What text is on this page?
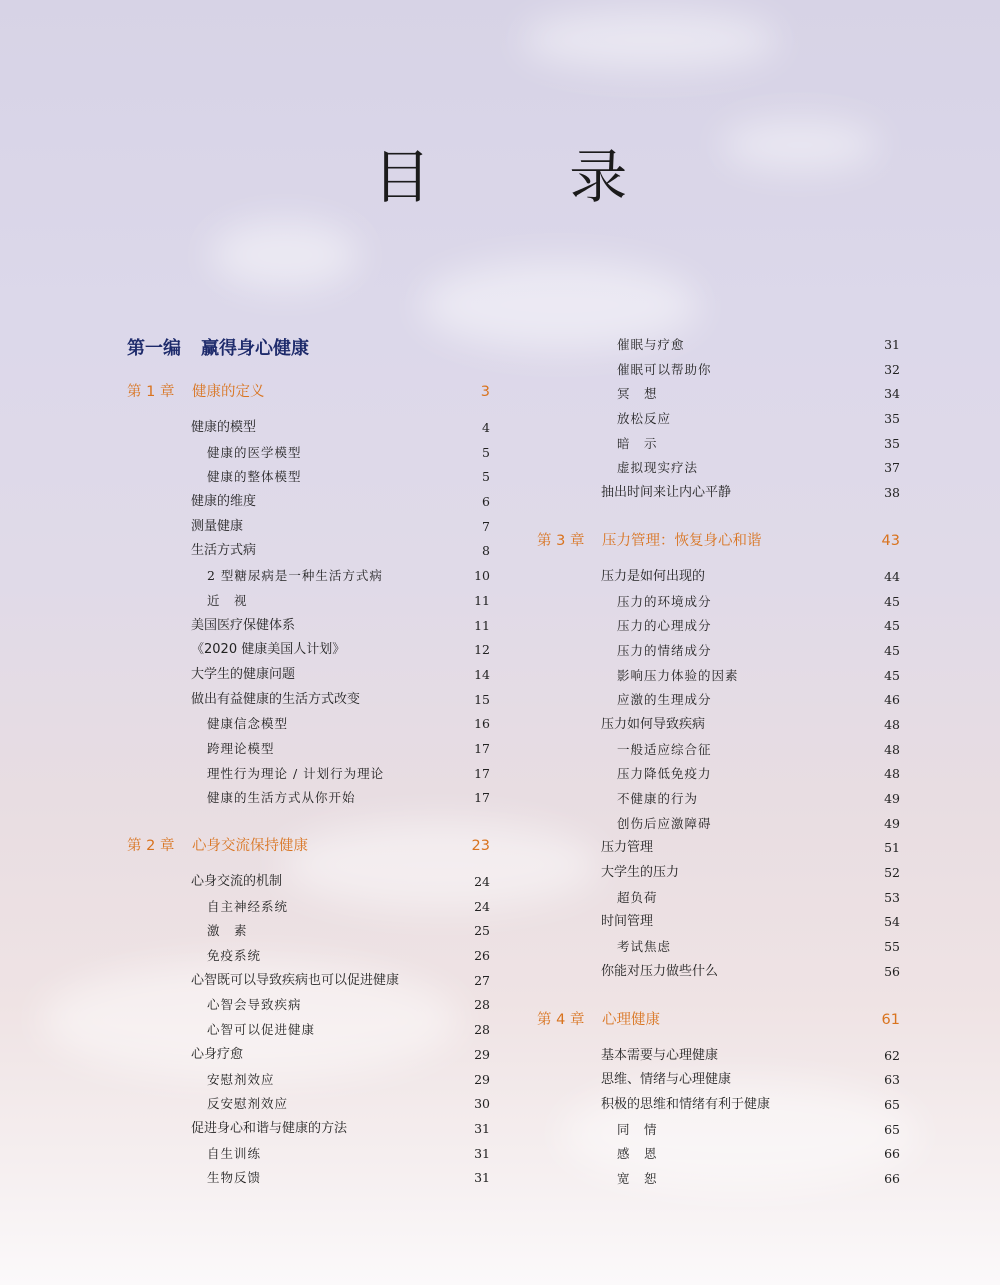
目 录
第一编 赢得身心健康
第 1 章 健康的定义	3
健康的模型	4
健康的医学模型	5
健康的整体模型	5
健康的维度	6
测量健康	7
生活方式病	8
2 型糖尿病是一种生活方式病	10
近　视	11
美国医疗保健体系	11
《2020 健康美国人计划》	12
大学生的健康问题	14
做出有益健康的生活方式改变	15
健康信念模型	16
跨理论模型	17
理性行为理论 / 计划行为理论	17
健康的生活方式从你开始	17
第 2 章 心身交流保持健康	23
心身交流的机制	24
自主神经系统	24
激　素	25
免疫系统	26
心智既可以导致疾病也可以促进健康	27
心智会导致疾病	28
心智可以促进健康	28
心身疗愈	29
安慰剂效应	29
反安慰剂效应	30
促进身心和谐与健康的方法	31
自生训练	31
生物反馈	31
催眠与疗愈	31
催眠可以帮助你	32
冥　想	34
放松反应	35
暗　示	35
虚拟现实疗法	37
抽出时间来让内心平静	38
第 3 章 压力管理：恢复身心和谐	43
压力是如何出现的	44
压力的环境成分	45
压力的心理成分	45
压力的情绪成分	45
影响压力体验的因素	45
应激的生理成分	46
压力如何导致疾病	48
一般适应综合征	48
压力降低免疫力	48
不健康的行为	49
创伤后应激障碍	49
压力管理	51
大学生的压力	52
超负荷	53
时间管理	54
考试焦虑	55
你能对压力做些什么	56
第 4 章 心理健康	61
基本需要与心理健康	62
思维、情绪与心理健康	63
积极的思维和情绪有利于健康	65
同　情	65
感　恩	66
宽　恕	66
